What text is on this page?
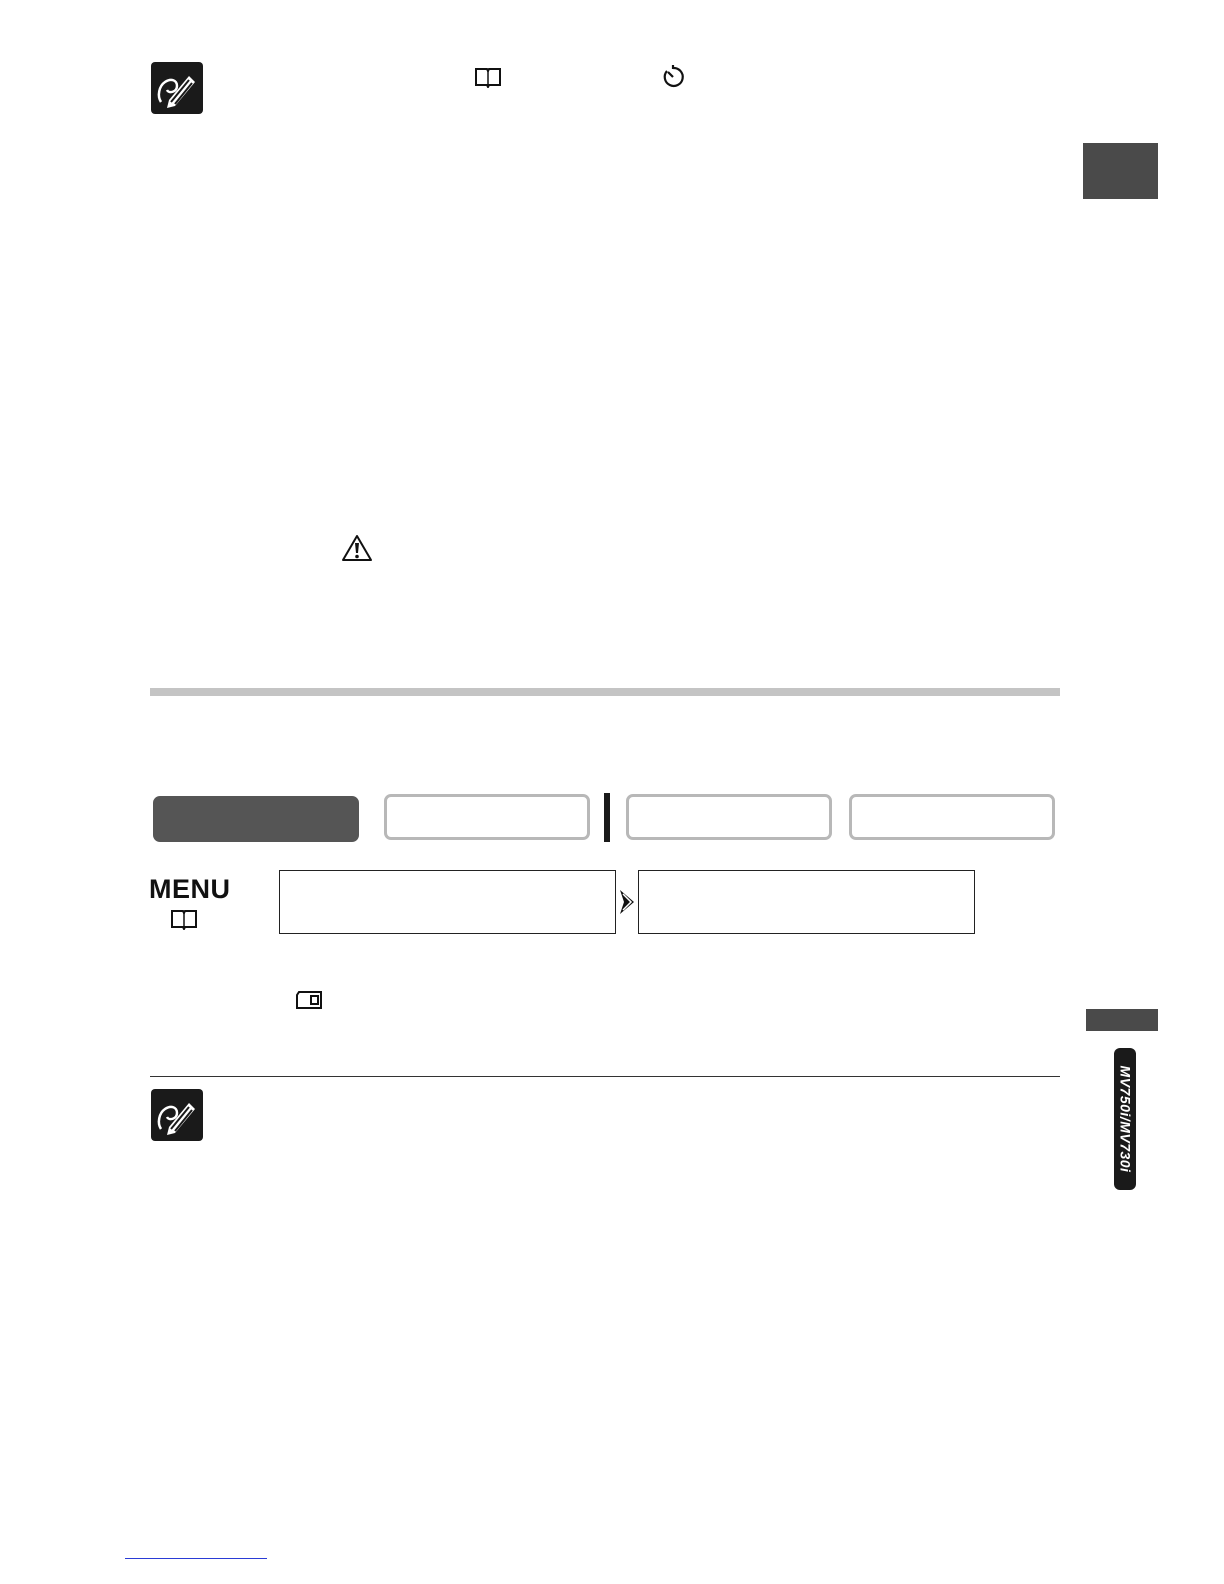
MENU
MV750i/MV730i
